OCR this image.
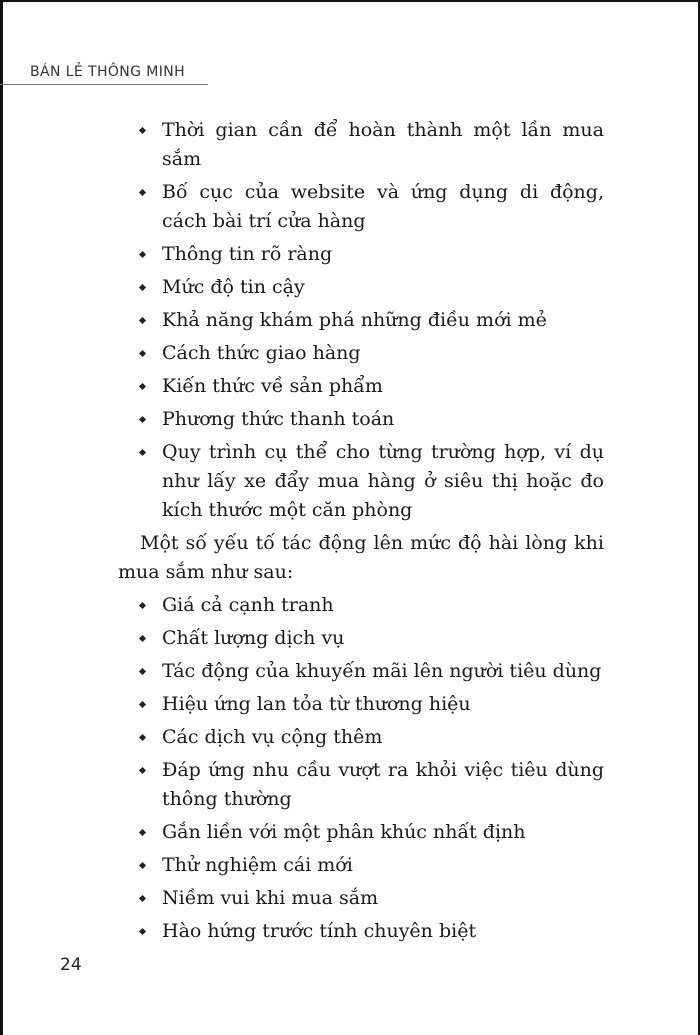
BÁN LẺ THÔNG MINH
Thời gian cần để hoàn thành một lần mua sắm
Bố cục của website và ứng dụng di động, cách bài trí cửa hàng
Thông tin rõ ràng
Mức độ tin cậy
Khả năng khám phá những điều mới mẻ
Cách thức giao hàng
Kiến thức về sản phẩm
Phương thức thanh toán
Quy trình cụ thể cho từng trường hợp, ví dụ như lấy xe đẩy mua hàng ở siêu thị hoặc đo kích thước một căn phòng

Một số yếu tố tác động lên mức độ hài lòng khi mua sắm như sau:

Giá cả cạnh tranh
Chất lượng dịch vụ
Tác động của khuyến mãi lên người tiêu dùng
Hiệu ứng lan tỏa từ thương hiệu
Các dịch vụ cộng thêm
Đáp ứng nhu cầu vượt ra khỏi việc tiêu dùng thông thường
Gắn liền với một phân khúc nhất định
Thử nghiệm cái mới
Niềm vui khi mua sắm
Hào hứng trước tính chuyên biệt
24
